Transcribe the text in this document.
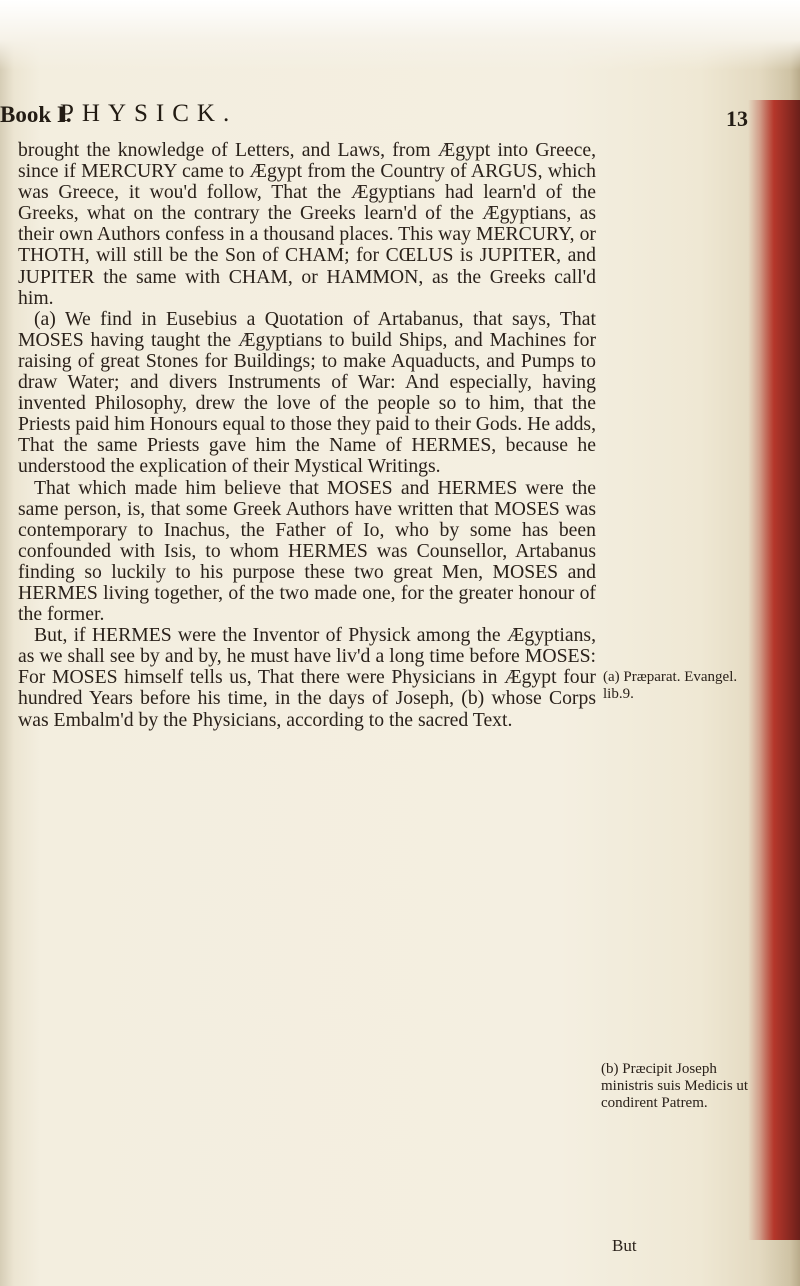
Book I.
PHYSICK.	13

brought the knowledge of Letters, and Laws, from Ægypt into Greece, since if MERCURY came to Ægypt from the Country of ARGUS, which was Greece, it wou'd follow, That the Ægyptians had learn'd of the Greeks, what on the contrary the Greeks learn'd of the Ægyptians, as their own Authors confess in a thousand places. This way MERCURY, or THOTH, will still be the Son of CHAM; for CŒLUS is JUPITER, and JUPITER the same with CHAM, or HAMMON, as the Greeks call'd him.

(a) We find in Eusebius a Quotation of Artabanus, that says, That MOSES having taught the Ægyptians to build Ships, and Machines for raising of great Stones for Buildings; to make Aquaducts, and Pumps to draw Water; and divers Instruments of War: And especially, having invented Philosophy, drew the love of the people so to him, that the Priests paid him Honours equal to those they paid to their Gods. He adds, That the same Priests gave him the Name of HERMES, because he understood the explication of their Mystical Writings.

That which made him believe that MOSES and HERMES were the same person, is, that some Greek Authors have written that MOSES was contemporary to Inachus, the Father of Io, who by some has been confounded with Isis, to whom HERMES was Counsellor, Artabanus finding so luckily to his purpose these two great Men, MOSES and HERMES living together, of the two made one, for the greater honour of the former.

But, if HERMES were the Inventor of Physick among the Ægyptians, as we shall see by and by, he must have liv'd a long time before MOSES: For MOSES himself tells us, That there were Physicians in Ægypt four hundred Years before his time, in the days of Joseph, (b) whose Corps was Embalm'd by the Physicians, according to the sacred Text.

(a) Præparat. Evangel. lib.9.
(b) Præcipit Joseph ministris suis Medicis ut condirent Patrem.
But
